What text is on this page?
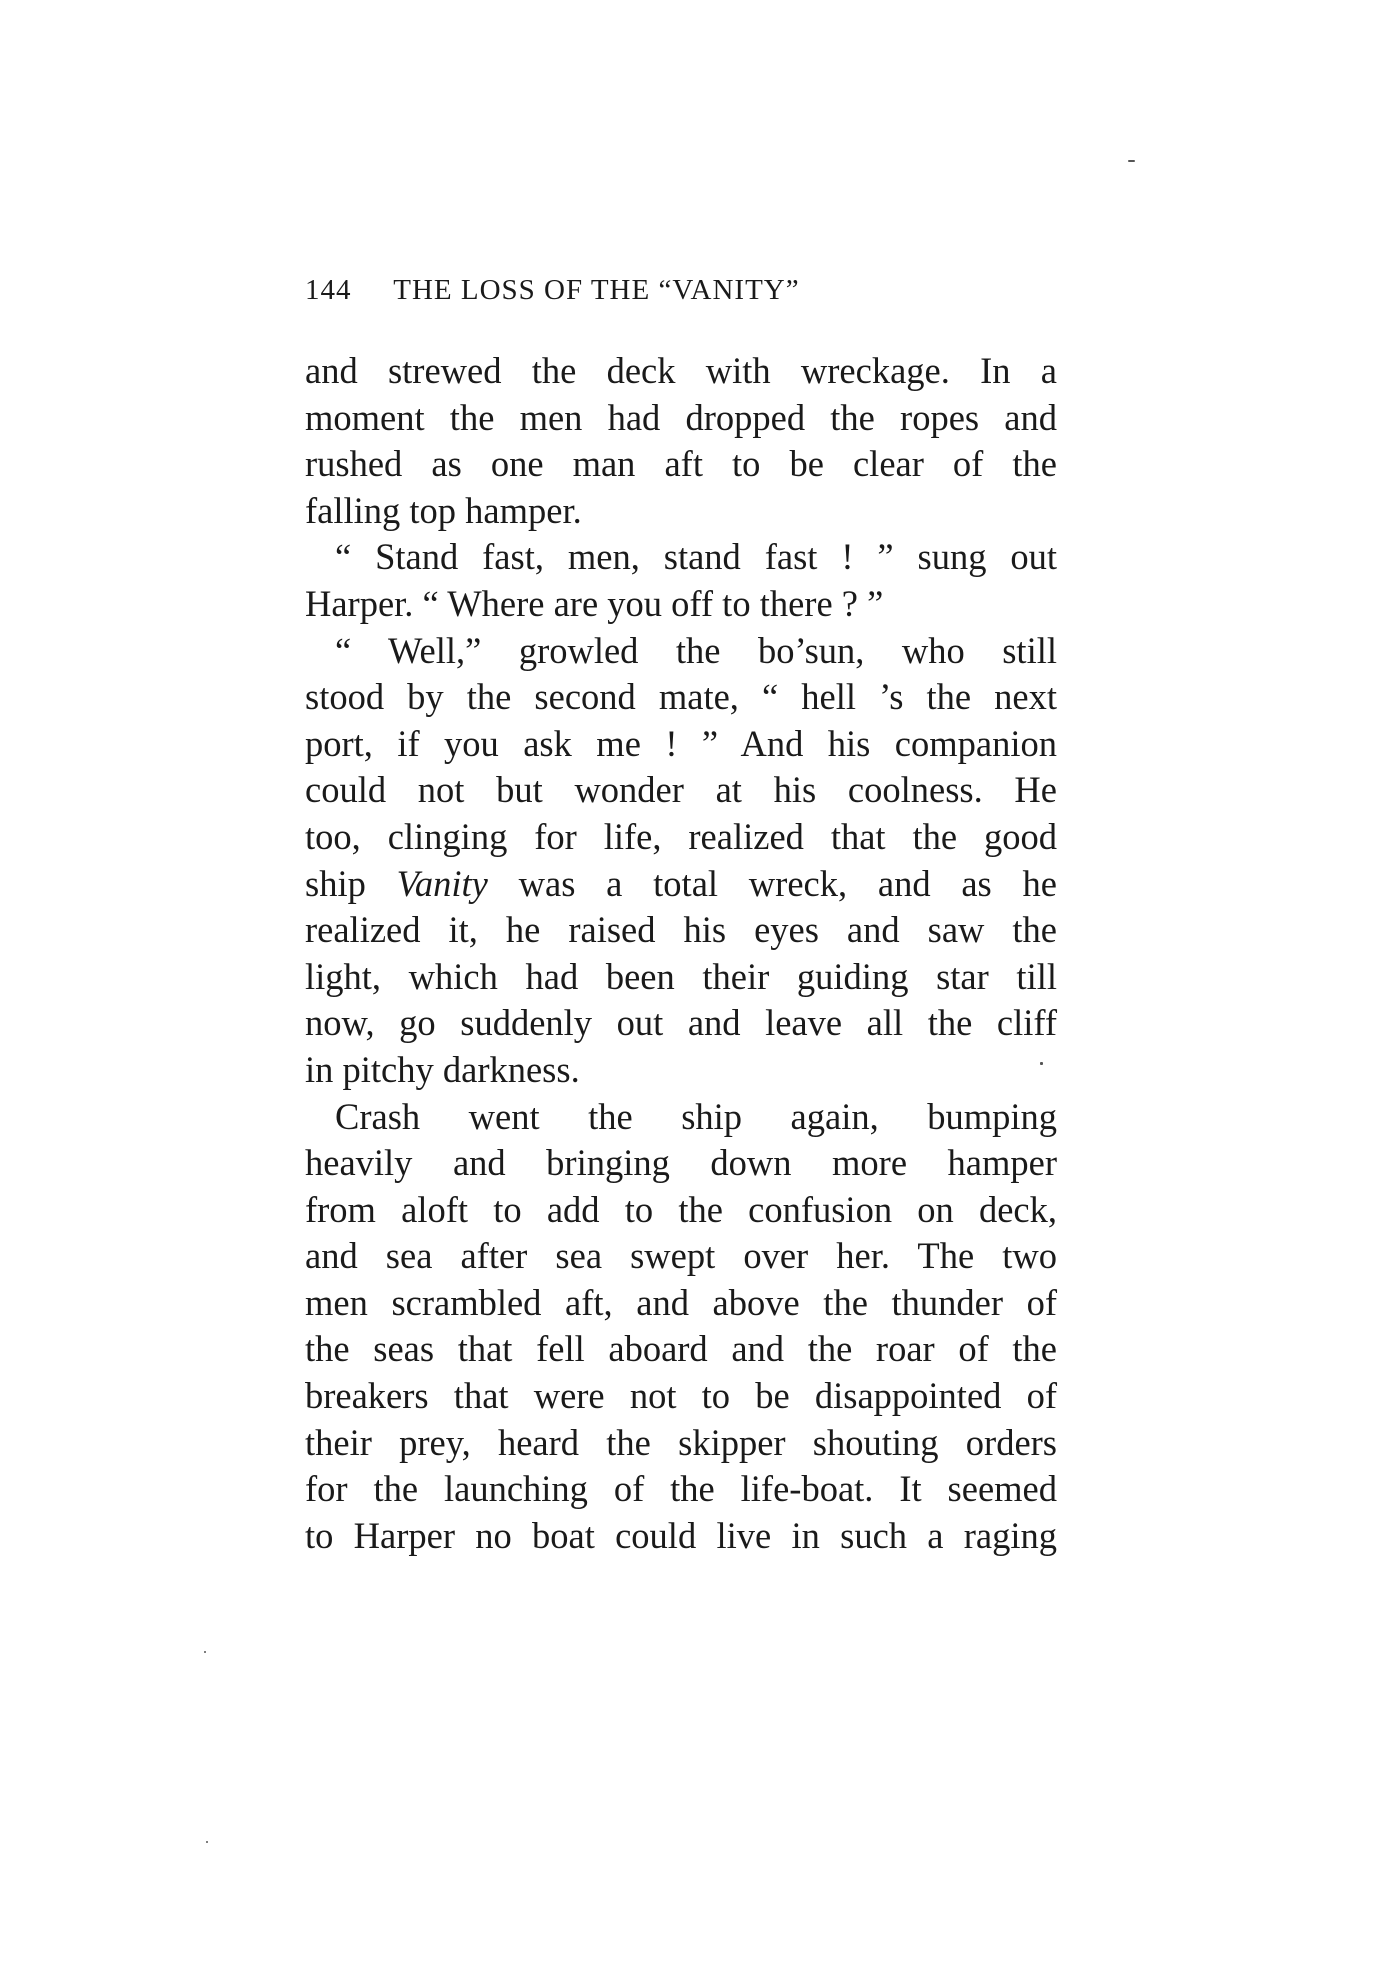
144 THE LOSS OF THE “VANITY”
and strewed the deck with wreckage. In a
moment the men had dropped the ropes and
rushed as one man aft to be clear of the
falling top hamper.
“ Stand fast, men, stand fast ! ” sung out
Harper. “ Where are you off to there ? ”
“ Well,” growled the bo’sun, who still
stood by the second mate, “ hell ’s the next
port, if you ask me ! ” And his companion
could not but wonder at his coolness. He
too, clinging for life, realized that the good
ship Vanity was a total wreck, and as he
realized it, he raised his eyes and saw the
light, which had been their guiding star till
now, go suddenly out and leave all the cliff
in pitchy darkness.
Crash went the ship again, bumping
heavily and bringing down more hamper
from aloft to add to the confusion on deck,
and sea after sea swept over her. The two
men scrambled aft, and above the thunder of
the seas that fell aboard and the roar of the
breakers that were not to be disappointed of
their prey, heard the skipper shouting orders
for the launching of the life-boat. It seemed
to Harper no boat could live in such a raging
